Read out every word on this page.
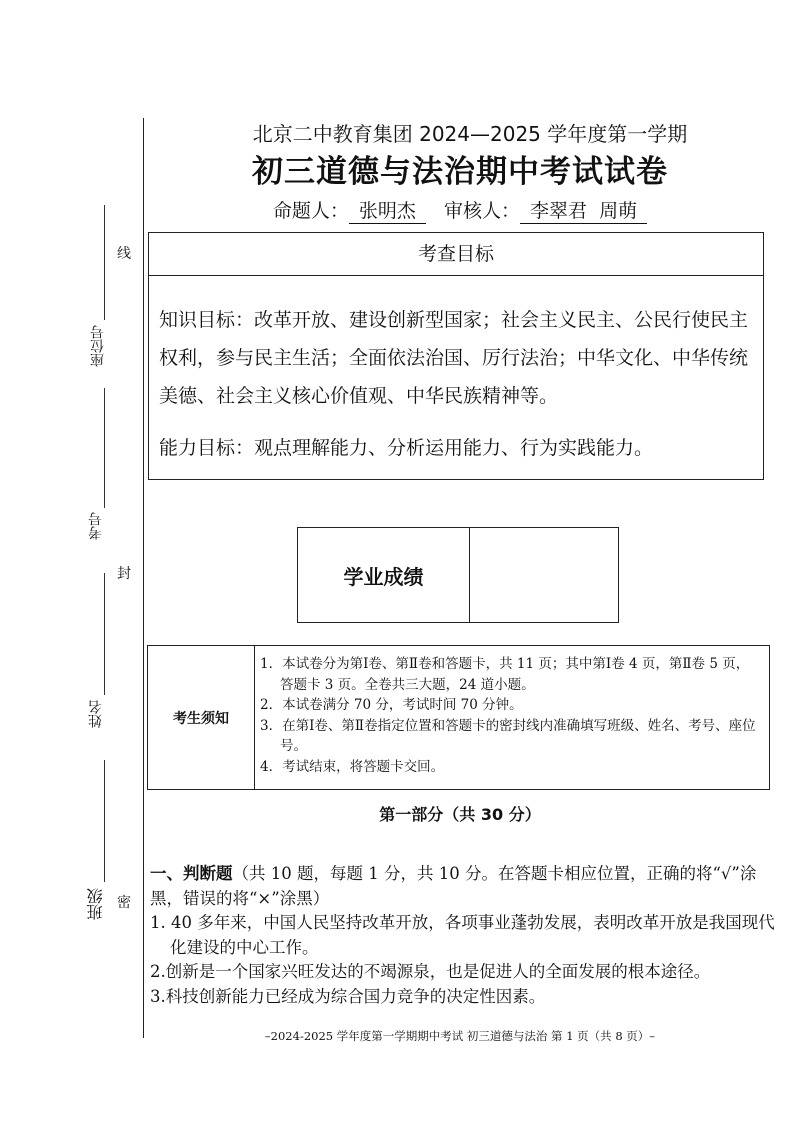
座位号
考号
姓名
班级
线
封
密
北京二中教育集团 2024—2025 学年度第一学期
初三道德与法治期中考试试卷
命题人： 张明杰 审核人： 李翠君  周萌
考查目标

知识目标：改革开放、建设创新型国家；社会主义民主、公民行使民主权利，参与民主生活；全面依法治国、厉行法治；中华文化、中华传统美德、社会主义核心价值观、中华民族精神等。

能力目标：观点理解能力、分析运用能力、行为实践能力。

学业成绩
考生须知
1．本试卷分为第Ⅰ卷、第Ⅱ卷和答题卡，共 11 页；其中第Ⅰ卷 4 页，第Ⅱ卷 5 页，答题卡 3 页。全卷共三大题，24 道小题。
2．本试卷满分 70 分，考试时间 70 分钟。
3．在第Ⅰ卷、第Ⅱ卷指定位置和答题卡的密封线内准确填写班级、姓名、考号、座位号。
4．考试结束，将答题卡交回。
第一部分（共 30 分）

一、判断题（共 10 题，每题 1 分，共 10 分。在答题卡相应位置，正确的将“√”涂黑，错误的将“×”涂黑）

1. 40 多年来，中国人民坚持改革开放，各项事业蓬勃发展，表明改革开放是我国现代化建设的中心工作。

2.创新是一个国家兴旺发达的不竭源泉，也是促进人的全面发展的根本途径。

3.科技创新能力已经成为综合国力竞争的决定性因素。

–2024-2025 学年度第一学期期中考试 初三道德与法治 第 1 页（共 8 页）–
